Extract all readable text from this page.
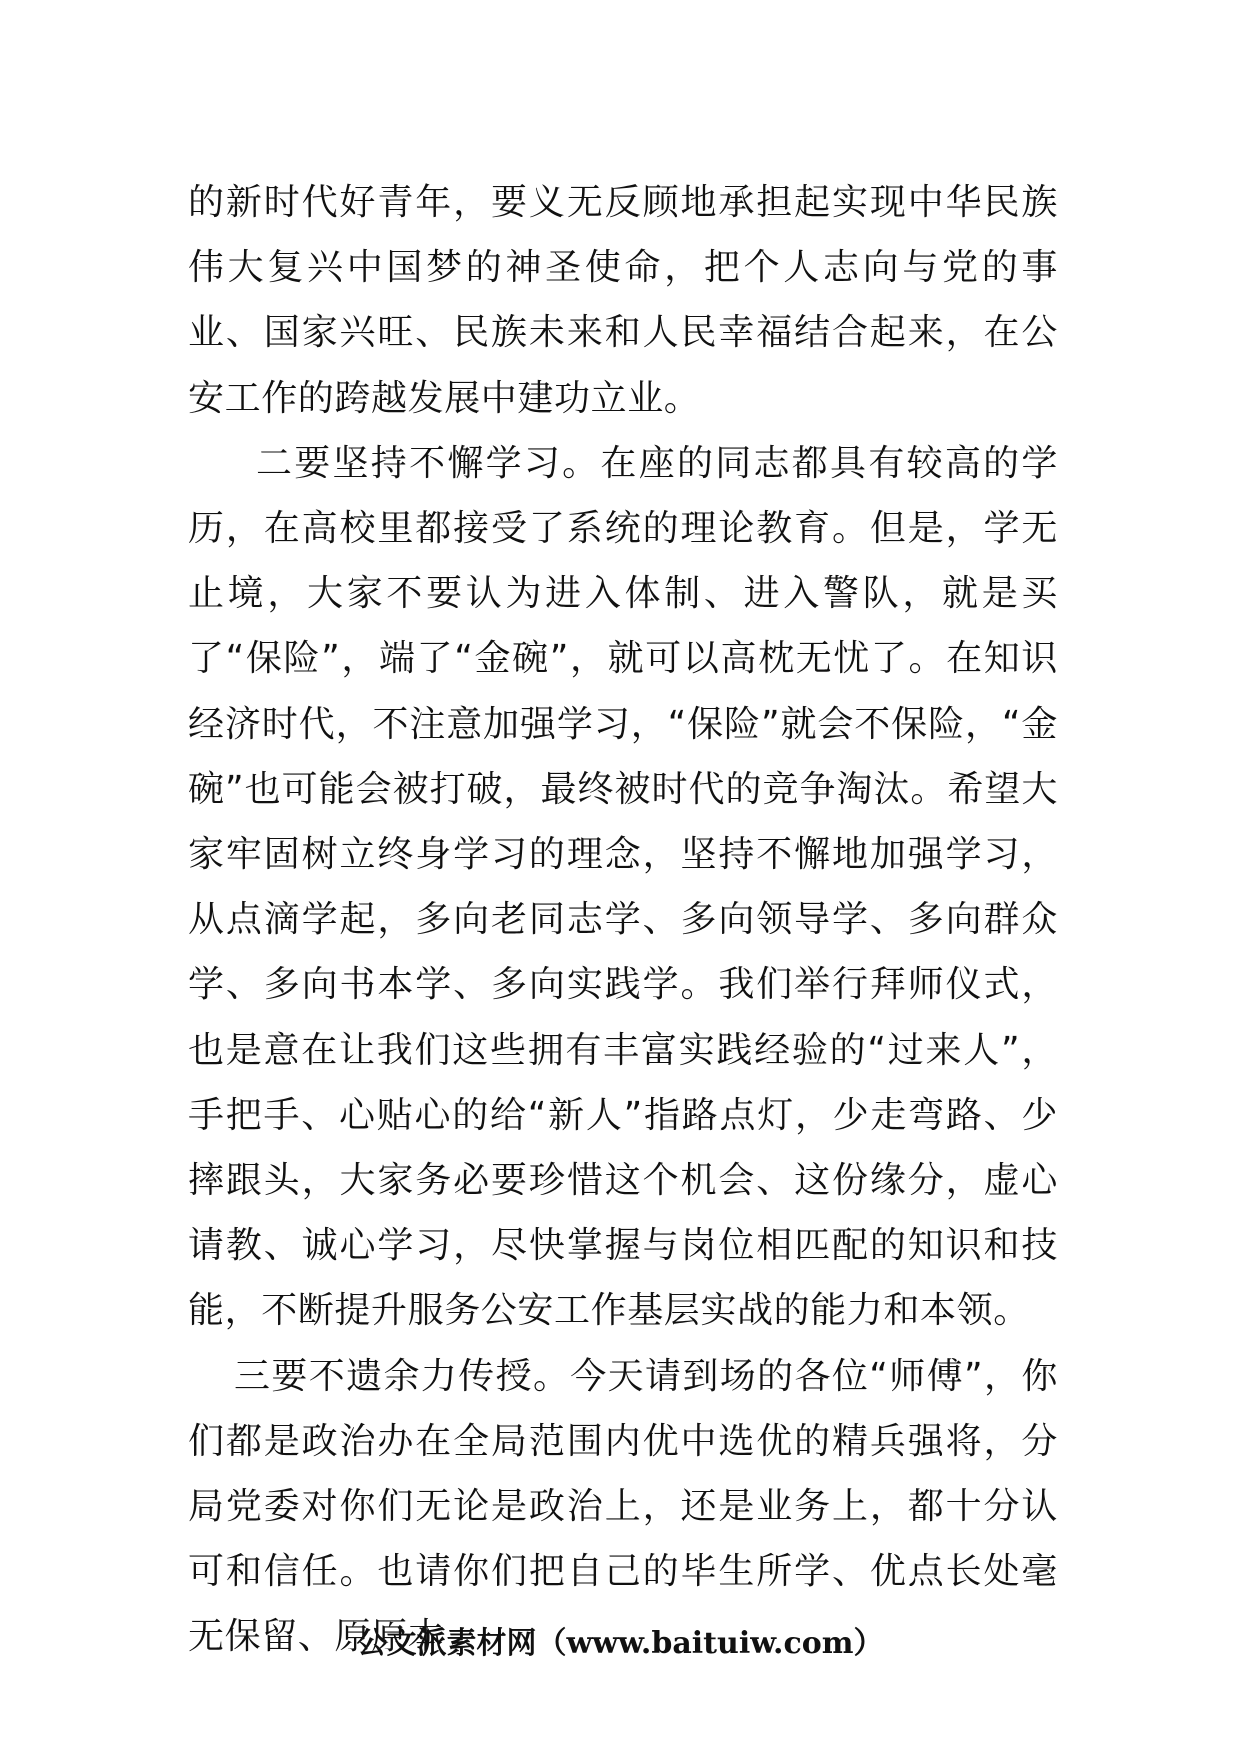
的新时代好青年，要义无反顾地承担起实现中华民族伟大复兴中国梦的神圣使命，把个人志向与党的事业、国家兴旺、民族未来和人民幸福结合起来，在公安工作的跨越发展中建功立业。

二要坚持不懈学习。在座的同志都具有较高的学历，在高校里都接受了系统的理论教育。但是，学无止境，大家不要认为进入体制、进入警队，就是买了“保险”，端了“金碗”，就可以高枕无忧了。在知识经济时代，不注意加强学习，“保险”就会不保险，“金碗”也可能会被打破，最终被时代的竞争淘汰。希望大家牢固树立终身学习的理念，坚持不懈地加强学习，从点滴学起，多向老同志学、多向领导学、多向群众学、多向书本学、多向实践学。我们举行拜师仪式，也是意在让我们这些拥有丰富实践经验的“过来人”，手把手、心贴心的给“新人”指路点灯，少走弯路、少摔跟头，大家务必要珍惜这个机会、这份缘分，虚心请教、诚心学习，尽快掌握与岗位相匹配的知识和技能，不断提升服务公安工作基层实战的能力和本领。

三要不遗余力传授。今天请到场的各位“师傅”，你们都是政治办在全局范围内优中选优的精兵强将，分局党委对你们无论是政治上，还是业务上，都十分认可和信任。也请你们把自己的毕生所学、优点长处毫无保留、原原本

公文派素材网（www.baituiw.com）
